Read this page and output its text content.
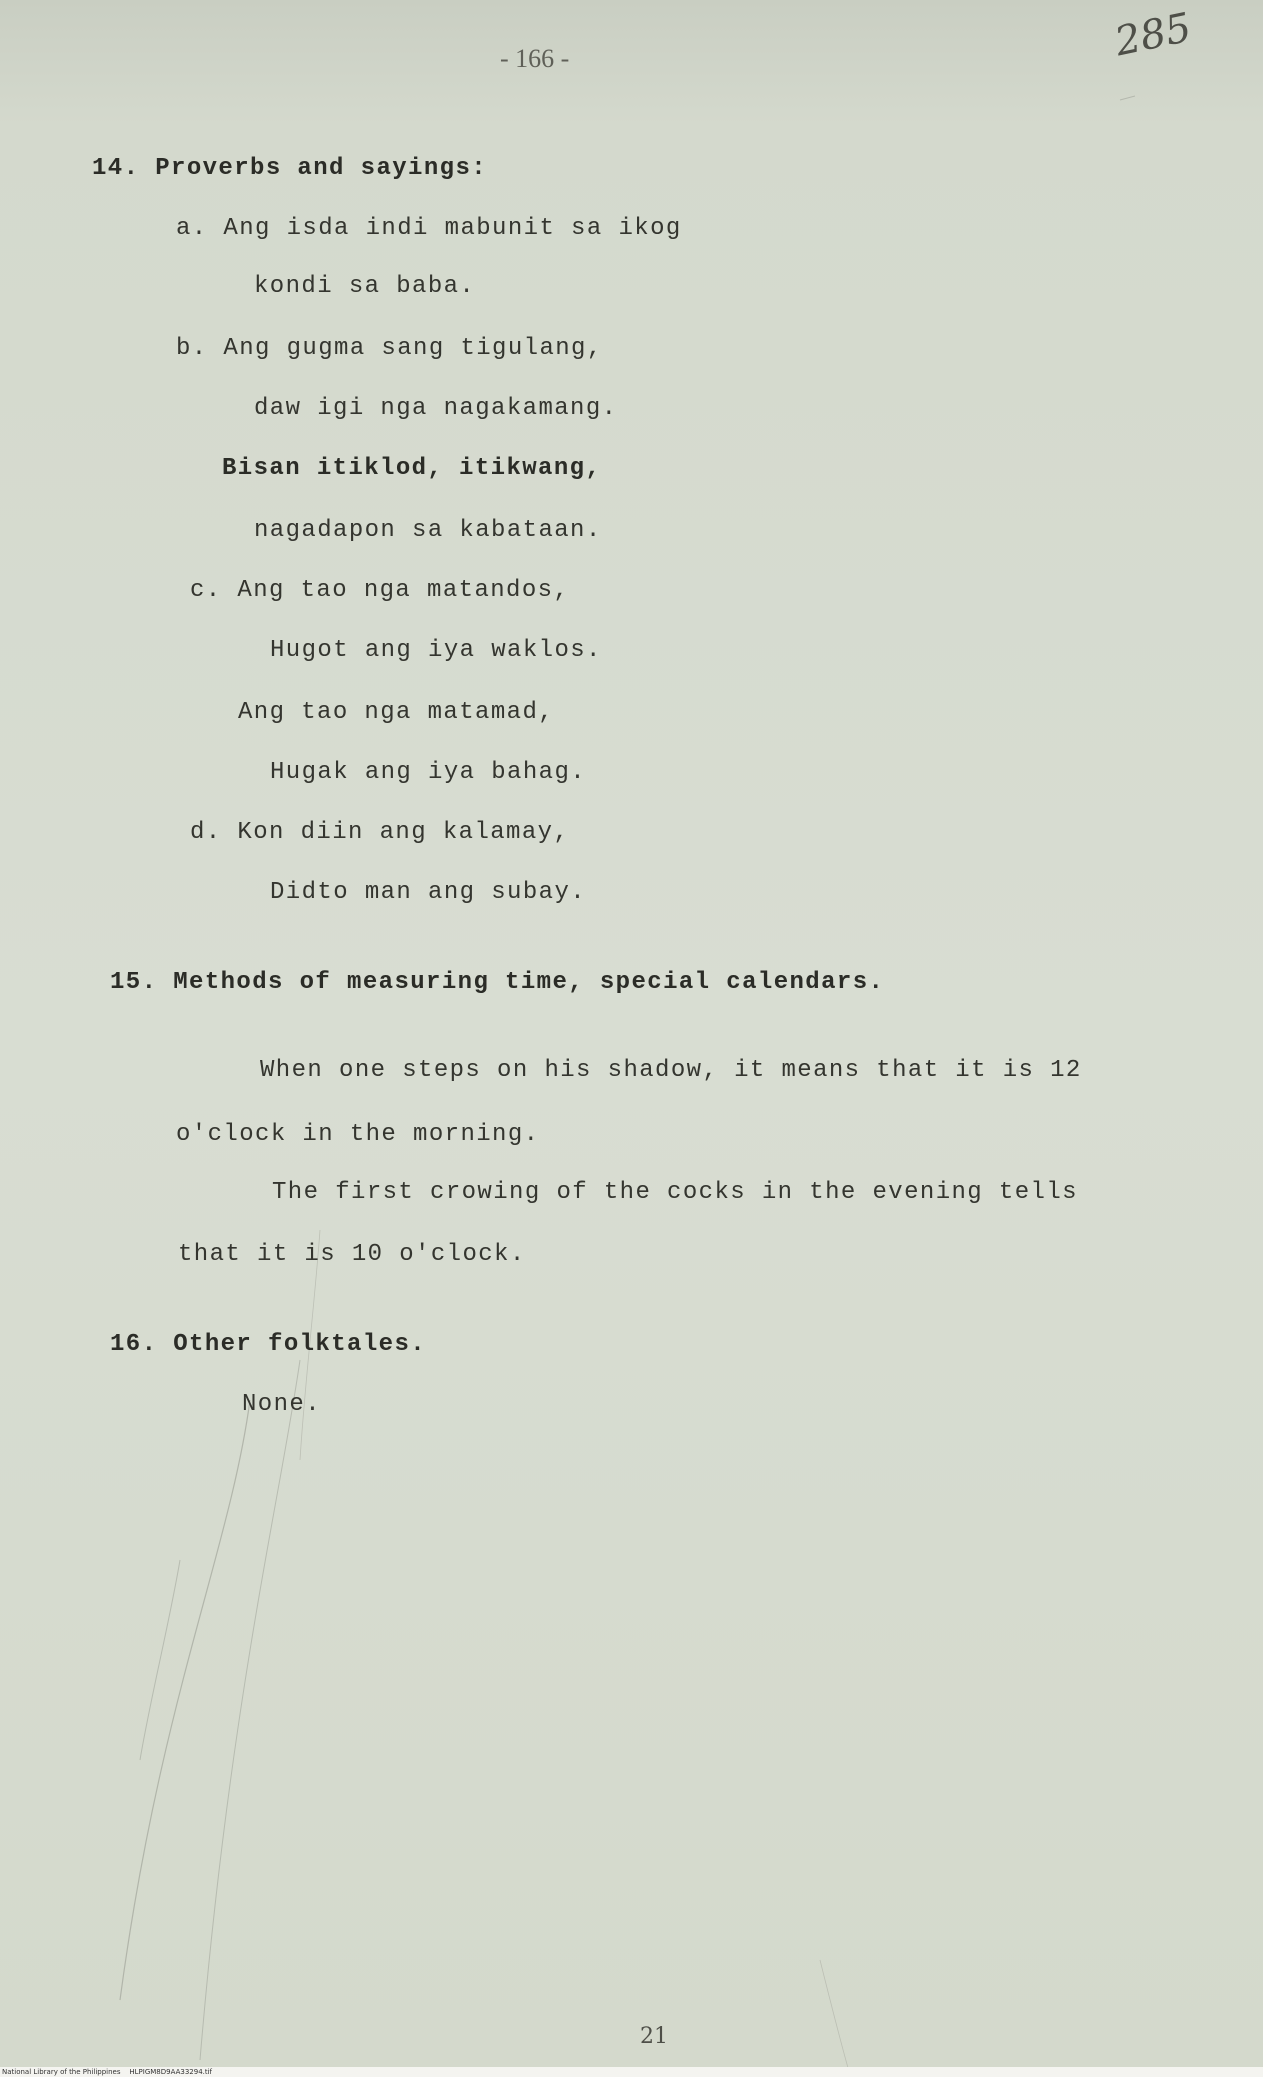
- 166 -	285
14. Proverbs and sayings:
a. Ang isda indi mabunit sa ikog
kondi sa baba.
b. Ang gugma sang tigulang,
daw igi nga nagakamang.
Bisan itiklod, itikwang,
nagadapon sa kabataan.
c. Ang tao nga matandos,
Hugot ang iya waklos.
Ang tao nga matamad,
Hugak ang iya bahag.
d. Kon diin ang kalamay,
Didto man ang subay.
15. Methods of measuring time, special calendars.
When one steps on his shadow, it means that it is 12
o'clock in the morning.
The first crowing of the cocks in the evening tells
that it is 10 o'clock.
16. Other folktales.
None.
21
National Library of the Philippines    HLPIGM8D9AA33294.tif
